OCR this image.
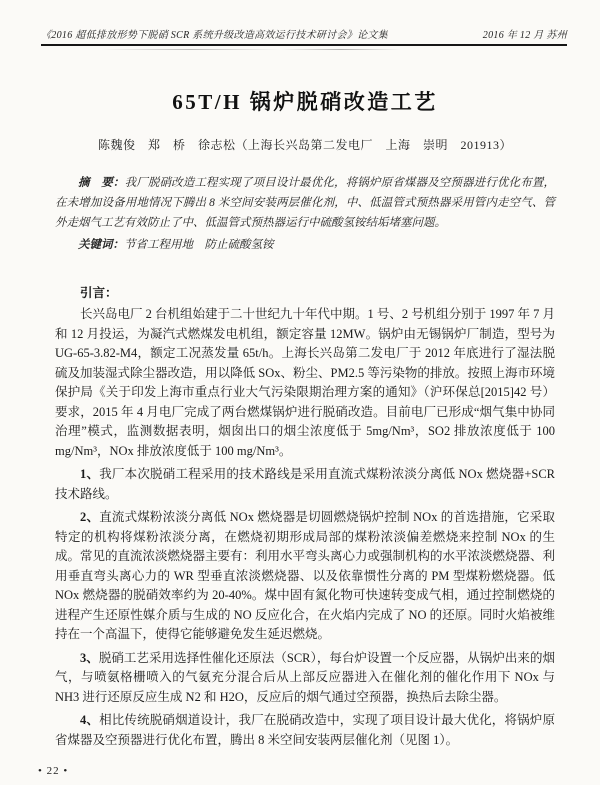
《2016 超低排放形势下脱硝 SCR 系统升级改造高效运行技术研讨会》论文集	2016 年 12 月 苏州
65T/H 锅炉脱硝改造工艺
陈魏俊　郑　桥　徐志松（上海长兴岛第二发电厂　上海　崇明　201913）

摘　要：我厂脱硝改造工程实现了项目设计最优化，将锅炉原省煤器及空预器进行优化布置，在未增加设备用地情况下腾出 8 米空间安装两层催化剂，中、低温管式预热器采用管内走空气、管外走烟气工艺有效防止了中、低温管式预热器运行中硫酸氢铵结垢堵塞问题。

关键词：节省工程用地　防止硫酸氢铵

引言：

长兴岛电厂 2 台机组始建于二十世纪九十年代中期。1 号、2 号机组分别于 1997 年 7 月和 12 月投运，为凝汽式燃煤发电机组，额定容量 12MW。锅炉由无锡锅炉厂制造，型号为 UG-65-3.82-M4，额定工况蒸发量 65t/h。上海长兴岛第二发电厂于 2012 年底进行了湿法脱硫及加装湿式除尘器改造，用以降低 SOx、粉尘、PM2.5 等污染物的排放。按照上海市环境保护局《关于印发上海市重点行业大气污染限期治理方案的通知》（沪环保总[2015]42 号）要求，2015 年 4 月电厂完成了两台燃煤锅炉进行脱硝改造。目前电厂已形成“烟气集中协同治理”模式，监测数据表明，烟囱出口的烟尘浓度低于 5mg/Nm³，SO2 排放浓度低于 100 mg/Nm³，NOx 排放浓度低于 100 mg/Nm³。

1、我厂本次脱硝工程采用的技术路线是采用直流式煤粉浓淡分离低 NOx 燃烧器+SCR 技术路线。

2、直流式煤粉浓淡分离低 NOx 燃烧器是切圆燃烧锅炉控制 NOx 的首选措施，它采取特定的机构将煤粉浓淡分离，在燃烧初期形成局部的煤粉浓淡偏差燃烧来控制 NOx 的生成。常见的直流浓淡燃烧器主要有：利用水平弯头离心力或强制机构的水平浓淡燃烧器、利用垂直弯头离心力的 WR 型垂直浓淡燃烧器、以及依靠惯性分离的 PM 型煤粉燃烧器。低 NOx 燃烧器的脱硝效率约为 20-40%。煤中固有氮化物可快速转变成气相，通过控制燃烧的进程产生还原性媒介质与生成的 NO 反应化合，在火焰内完成了 NO 的还原。同时火焰被维持在一个高温下，使得它能够避免发生延迟燃烧。

3、脱硝工艺采用选择性催化还原法（SCR），每台炉设置一个反应器，从锅炉出来的烟气，与喷氨格栅喷入的气氨充分混合后从上部反应器进入在催化剂的催化作用下 NOx 与 NH3 进行还原反应生成 N2 和 H2O，反应后的烟气通过空预器，换热后去除尘器。

4、相比传统脱硝烟道设计，我厂在脱硝改造中，实现了项目设计最大优化，将锅炉原省煤器及空预器进行优化布置，腾出 8 米空间安装两层催化剂（见图 1）。

• 22 •
